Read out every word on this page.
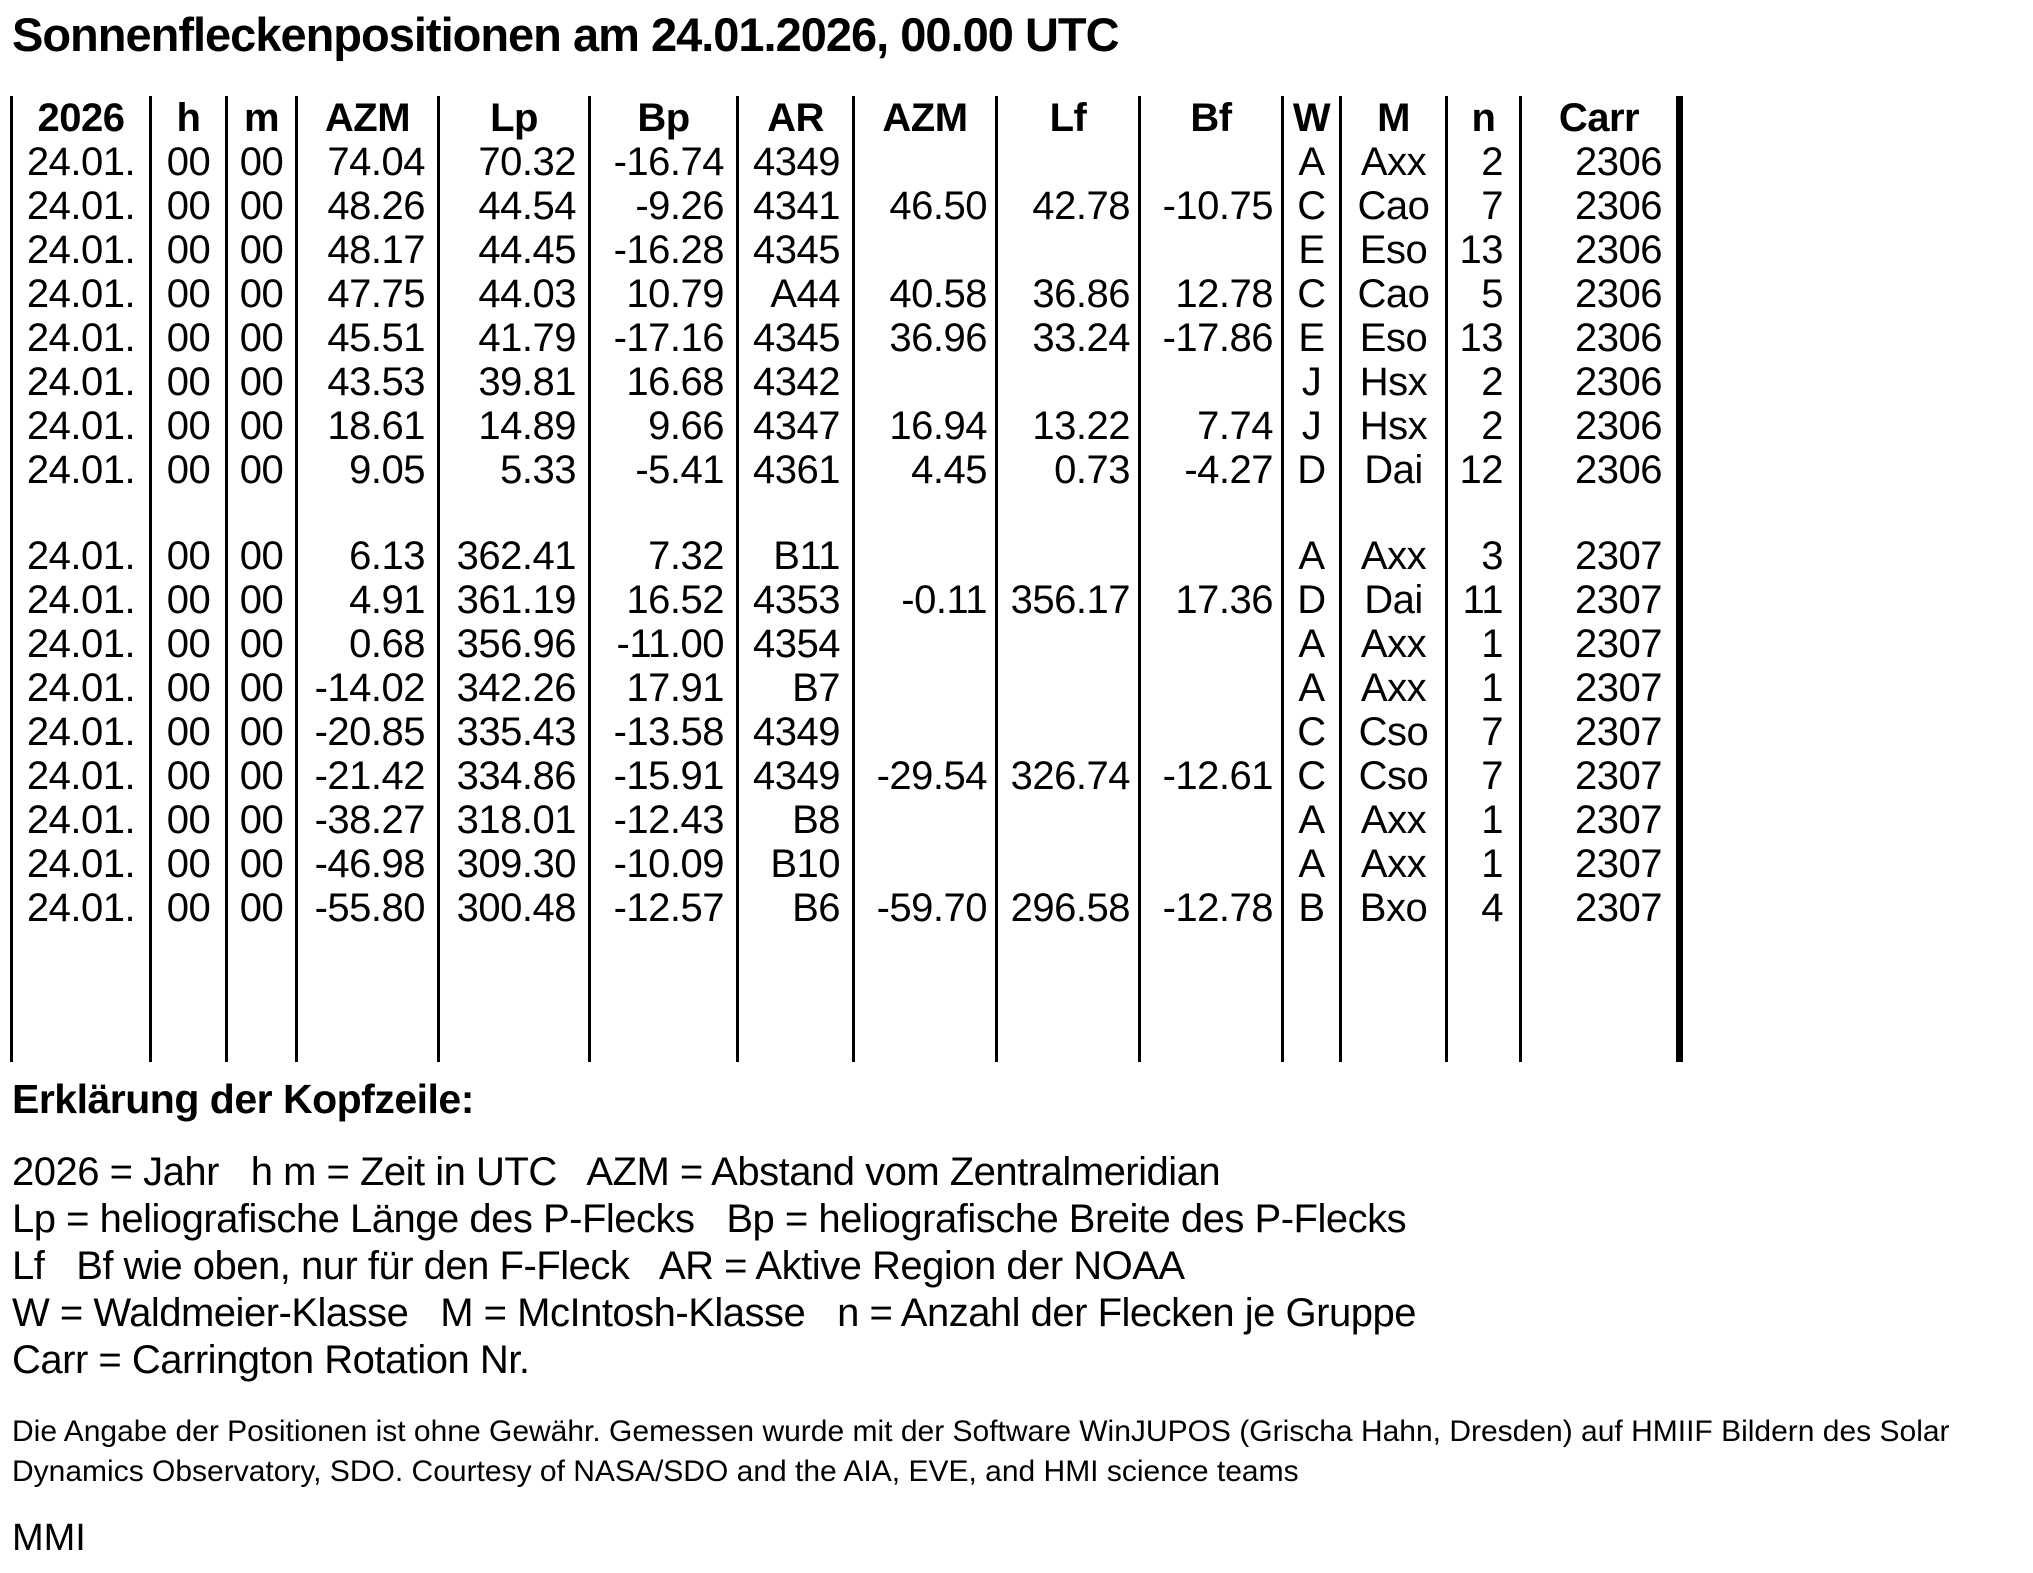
Sonnenfleckenpositionen am 24.01.2026, 00.00 UTC
2026	h	m	AZM	Lp	Bp	AR	AZM	Lf	Bf	W	M	n	Carr
24.01.	00	00	74.04	70.32	-16.74	4349				A	Axx	2	2306
24.01.	00	00	48.26	44.54	-9.26	4341	46.50	42.78	-10.75	C	Cao	7	2306
24.01.	00	00	48.17	44.45	-16.28	4345				E	Eso	13	2306
24.01.	00	00	47.75	44.03	10.79	A44	40.58	36.86	12.78	C	Cao	5	2306
24.01.	00	00	45.51	41.79	-17.16	4345	36.96	33.24	-17.86	E	Eso	13	2306
24.01.	00	00	43.53	39.81	16.68	4342				J	Hsx	2	2306
24.01.	00	00	18.61	14.89	9.66	4347	16.94	13.22	7.74	J	Hsx	2	2306
24.01.	00	00	9.05	5.33	-5.41	4361	4.45	0.73	-4.27	D	Dai	12	2306

24.01.	00	00	6.13	362.41	7.32	B11				A	Axx	3	2307
24.01.	00	00	4.91	361.19	16.52	4353	-0.11	356.17	17.36	D	Dai	11	2307
24.01.	00	00	0.68	356.96	-11.00	4354				A	Axx	1	2307
24.01.	00	00	-14.02	342.26	17.91	B7				A	Axx	1	2307
24.01.	00	00	-20.85	335.43	-13.58	4349				C	Cso	7	2307
24.01.	00	00	-21.42	334.86	-15.91	4349	-29.54	326.74	-12.61	C	Cso	7	2307
24.01.	00	00	-38.27	318.01	-12.43	B8				A	Axx	1	2307
24.01.	00	00	-46.98	309.30	-10.09	B10				A	Axx	1	2307
24.01.	00	00	-55.80	300.48	-12.57	B6	-59.70	296.58	-12.78	B	Bxo	4	2307

Erklärung der Kopfzeile:

2026 = Jahr   h m = Zeit in UTC   AZM = Abstand vom Zentralmeridian

Lp = heliografische Länge des P-Flecks   Bp = heliografische Breite des P-Flecks

Lf   Bf wie oben, nur für den F-Fleck   AR = Aktive Region der NOAA

W = Waldmeier-Klasse   M = McIntosh-Klasse   n = Anzahl der Flecken je Gruppe

Carr = Carrington Rotation Nr.

Die Angabe der Positionen ist ohne Gewähr. Gemessen wurde mit der Software WinJUPOS (Grischa Hahn, Dresden) auf HMIIF Bildern des Solar Dynamics Observatory, SDO. Courtesy of NASA/SDO and the AIA, EVE, and HMI science teams

MMI
